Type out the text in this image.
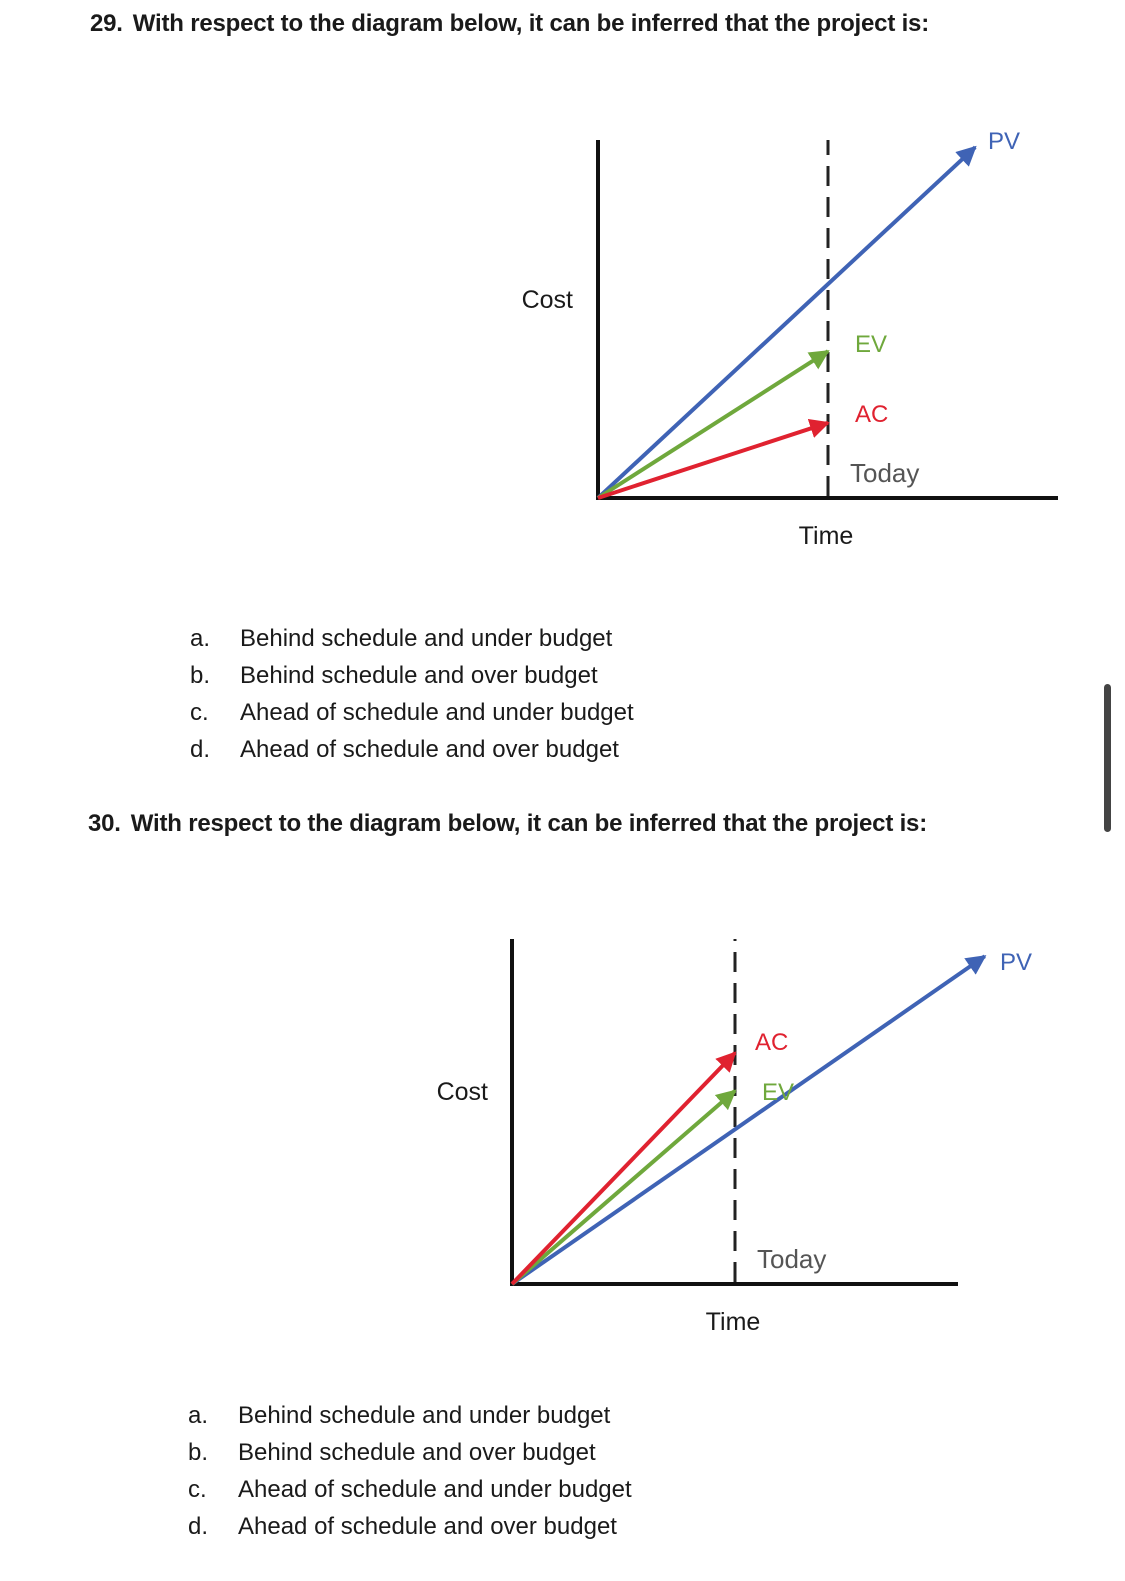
29. With respect to the diagram below, it can be inferred that the project is:
PV
EV
AC
Cost
Time
Today
a. Behind schedule and under budget
b. Behind schedule and over budget
c. Ahead of schedule and under budget
d. Ahead of schedule and over budget
30. With respect to the diagram below, it can be inferred that the project is:
PV
EV
AC
Cost
Time
Today
a. Behind schedule and under budget
b. Behind schedule and over budget
c. Ahead of schedule and under budget
d. Ahead of schedule and over budget
